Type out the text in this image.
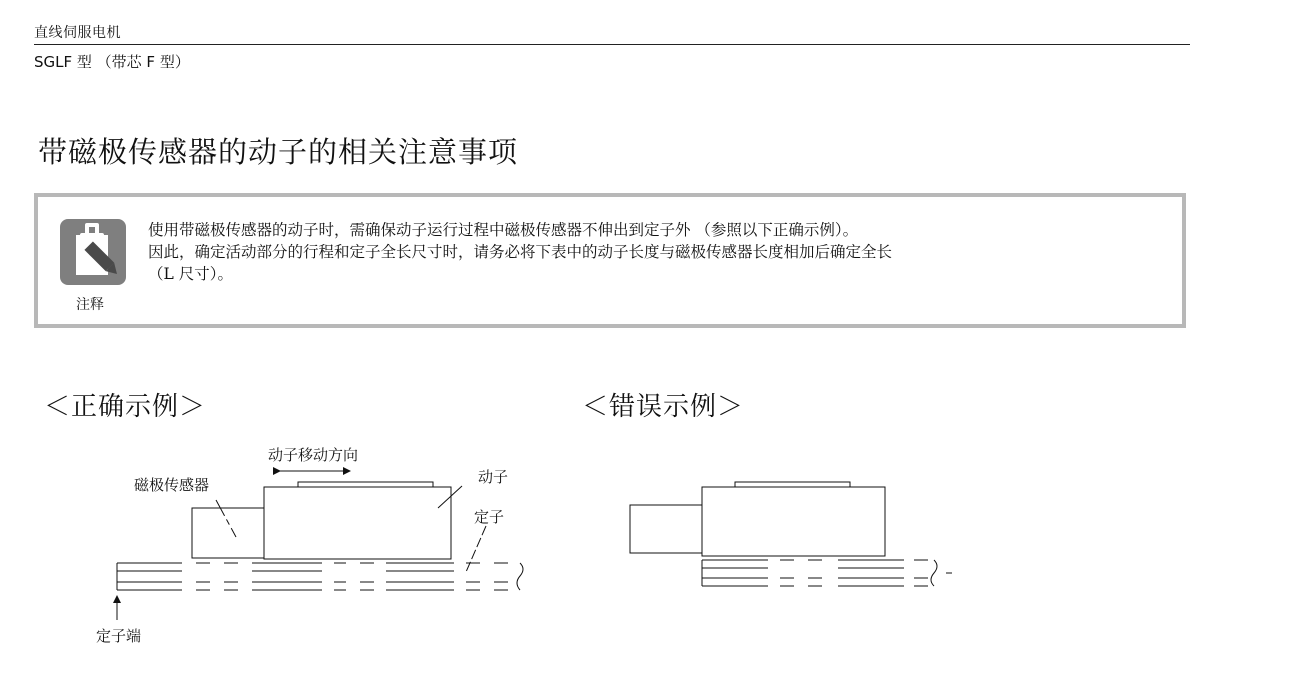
直线伺服电机
SGLF 型 （带芯 F 型）
带磁极传感器的动子的相关注意事项
注释

使用带磁极传感器的动子时，需确保动子运行过程中磁极传感器不伸出到定子外 （参照以下正确示例）。

因此，确定活动部分的行程和定子全长尺寸时，请务必将下表中的动子长度与磁极传感器长度相加后确定全长

（L 尺寸）。

＜正确示例＞	＜错误示例＞
动子移动方向
磁极传感器	动子
定子
定子端
